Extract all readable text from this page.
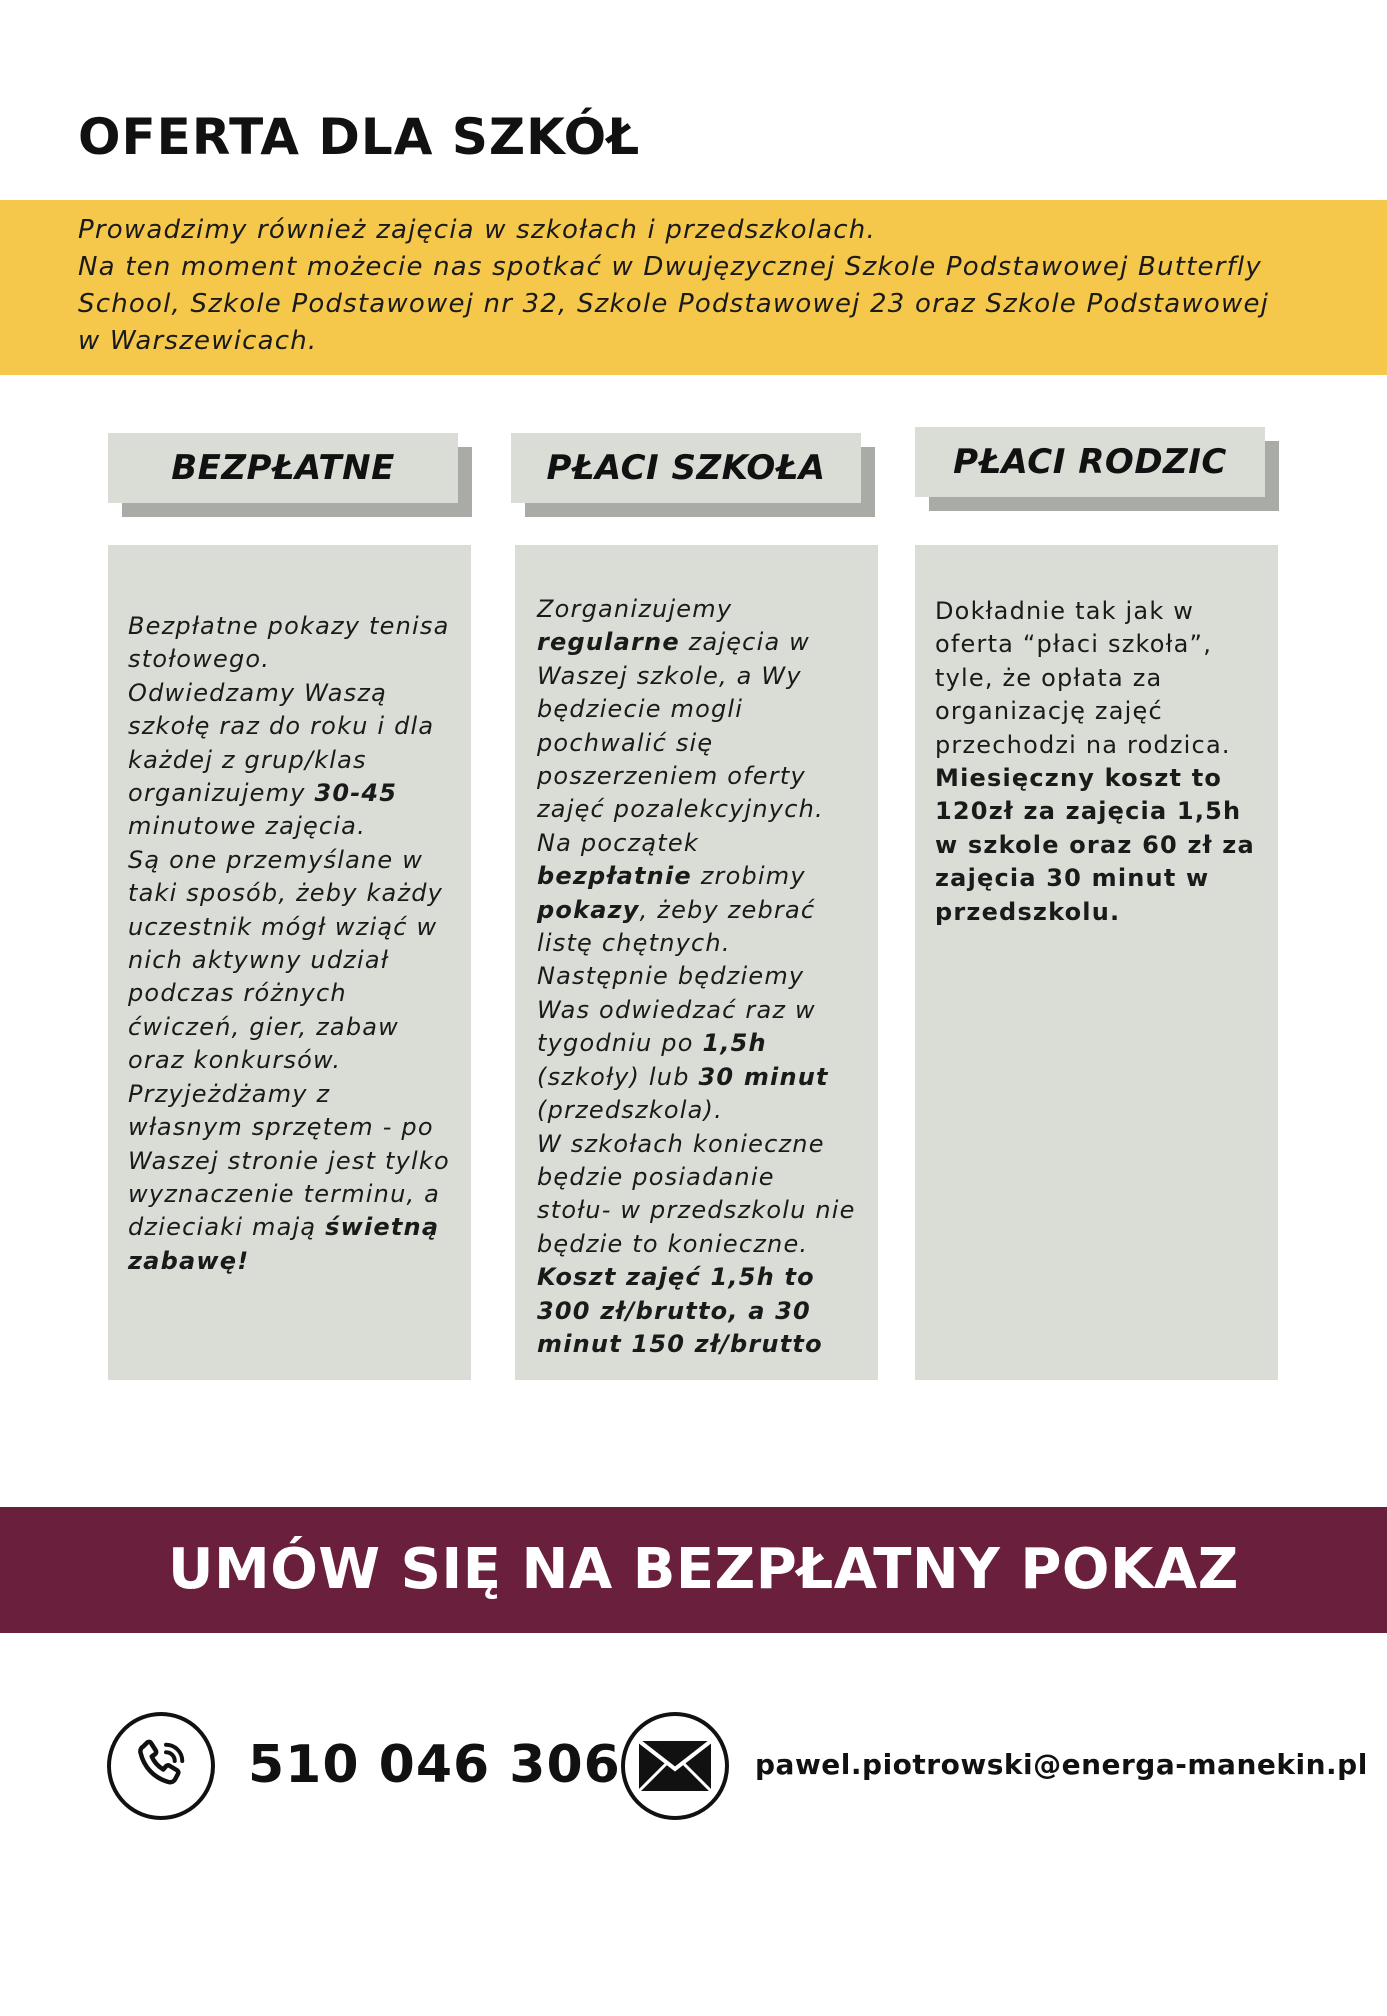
OFERTA DLA SZKÓŁ
Prowadzimy również zajęcia w szkołach i przedszkolach.
Na ten moment możecie nas spotkać w Dwujęzycznej Szkole Podstawowej Butterfly
School, Szkole Podstawowej nr 32, Szkole Podstawowej 23 oraz Szkole Podstawowej
w Warszewicach.
BEZPŁATNE	PŁACI SZKOŁA	PŁACI RODZIC
Bezpłatne pokazy tenisa stołowego.
Odwiedzamy Waszą szkołę raz do roku i dla każdej z grup/klas organizujemy 30-45 minutowe zajęcia.
Są one przemyślane w taki sposób, żeby każdy uczestnik mógł wziąć w nich aktywny udział podczas różnych ćwiczeń, gier, zabaw oraz konkursów.
Przyjeżdżamy z własnym sprzętem - po Waszej stronie jest tylko wyznaczenie terminu, a dzieciaki mają świetną zabawę!
Zorganizujemy regularne zajęcia w Waszej szkole, a Wy będziecie mogli pochwalić się poszerzeniem oferty zajęć pozalekcyjnych.
Na początek bezpłatnie zrobimy pokazy, żeby zebrać listę chętnych.
Następnie będziemy Was odwiedzać raz w tygodniu po 1,5h (szkoły) lub 30 minut (przedszkola).
W szkołach konieczne będzie posiadanie stołu- w przedszkolu nie będzie to konieczne.
Koszt zajęć 1,5h to 300 zł/brutto, a 30 minut 150 zł/brutto
Dokładnie tak jak w oferta “płaci szkoła”, tyle, że opłata za organizację zajęć przechodzi na rodzica.
Miesięczny koszt to 120zł za zajęcia 1,5h w szkole oraz 60 zł za zajęcia 30 minut w przedszkolu.
UMÓW SIĘ NA BEZPŁATNY POKAZ
510 046 306	pawel.piotrowski@energa-manekin.pl
